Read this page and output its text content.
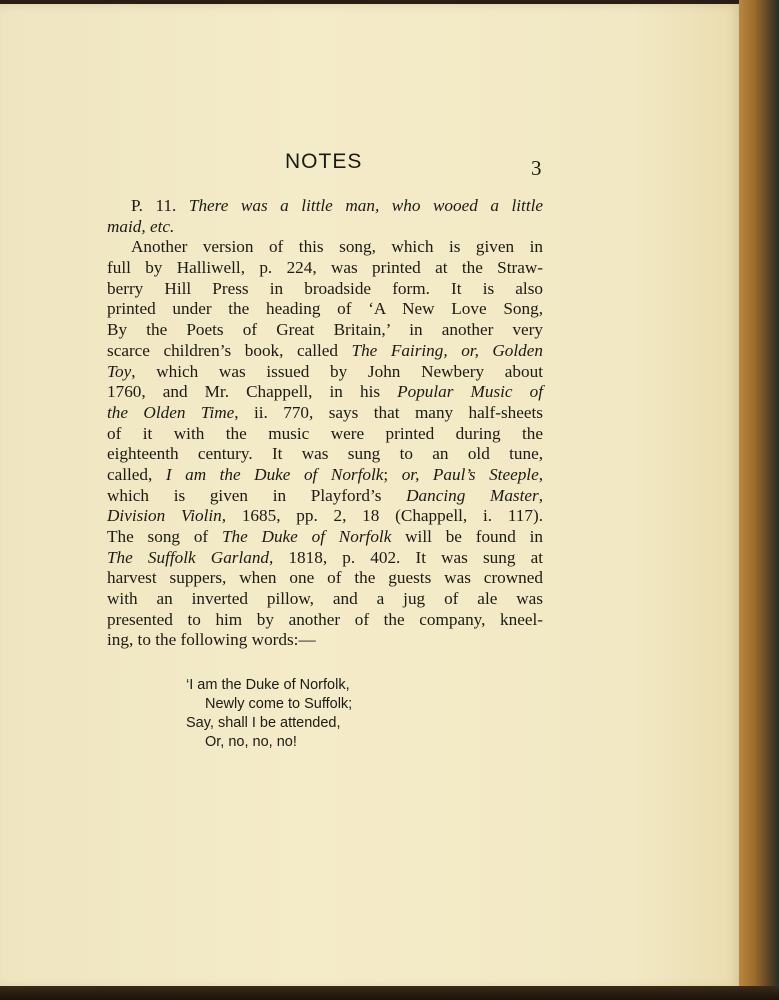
NOTES	3
P. 11. There was a little man, who wooed a little
maid, etc.
Another version of this song, which is given in
full by Halliwell, p. 224, was printed at the Straw-
berry Hill Press in broadside form. It is also
printed under the heading of ‘A New Love Song,
By the Poets of Great Britain,’ in another very
scarce children’s book, called The Fairing, or, Golden
Toy, which was issued by John Newbery about
1760, and Mr. Chappell, in his Popular Music of
the Olden Time, ii. 770, says that many half-sheets
of it with the music were printed during the
eighteenth century. It was sung to an old tune,
called, I am the Duke of Norfolk; or, Paul’s Steeple,
which is given in Playford’s Dancing Master,
Division Violin, 1685, pp. 2, 18 (Chappell, i. 117).
The song of The Duke of Norfolk will be found in
The Suffolk Garland, 1818, p. 402. It was sung at
harvest suppers, when one of the guests was crowned
with an inverted pillow, and a jug of ale was
presented to him by another of the company, kneel-
ing, to the following words:—
‘I am the Duke of Norfolk,
Newly come to Suffolk;
Say, shall I be attended,
Or, no, no, no!
